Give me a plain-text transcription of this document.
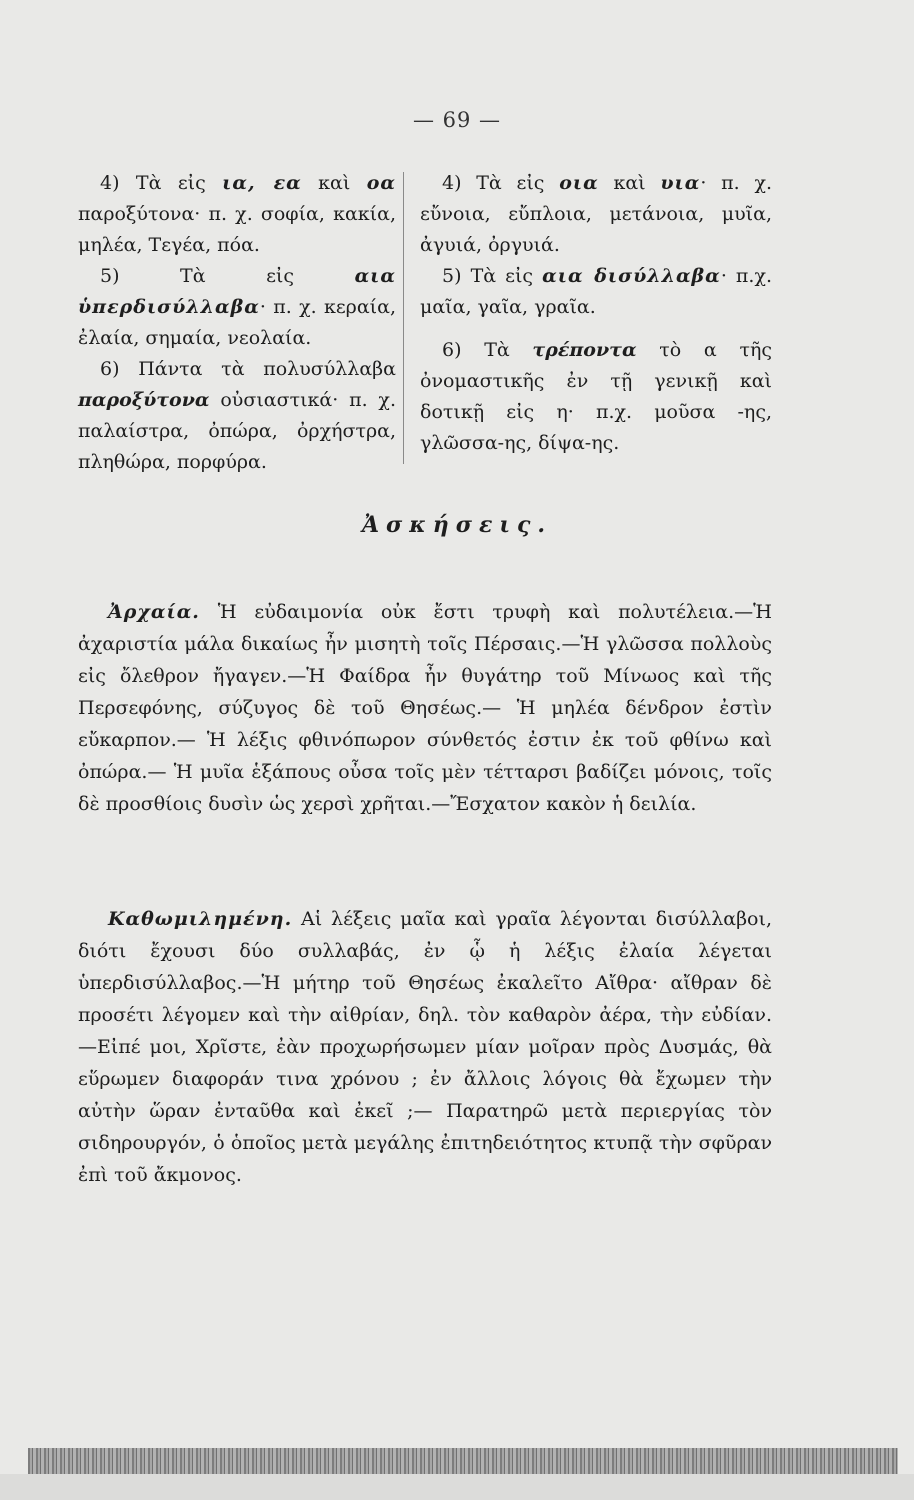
— 69 —

4) Τὰ εἰς ια, εα καὶ οα παροξύτονα· π. χ. σοφία, κακία, μηλέα, Τεγέα, πόα.

5) Τὰ εἰς αια ὑπερδισύλλαβα· π. χ. κεραία, ἐλαία, σημαία, νεολαία.

6) Πάντα τὰ πολυσύλλαβα παροξύτονα οὐσιαστικά· π. χ. παλαίστρα, ὀπώρα, ὀρχήστρα, πληθώρα, πορφύρα.

4) Τὰ εἰς οια καὶ υια· π. χ. εὔνοια, εὔπλοια, μετάνοια, μυῖα, ἀγυιά, ὀργυιά.

5) Τὰ εἰς αια δισύλλαβα· π.χ. μαῖα, γαῖα, γραῖα.

6) Τὰ τρέποντα τὸ α τῆς ὀνομαστικῆς ἐν τῇ γενικῇ καὶ δοτικῇ εἰς η· π.χ. μοῦσα -ης, γλῶσσα-ης, δίψα-ης.

Ἀσκήσεις.

Ἀρχαία. Ἡ εὐδαιμονία οὐκ ἔστι τρυφὴ καὶ πολυτέλεια.—Ἡ ἀχαριστία μάλα δικαίως ἦν μισητὴ τοῖς Πέρσαις.—Ἡ γλῶσσα πολλοὺς εἰς ὄλεθρον ἤγαγεν.—Ἡ Φαίδρα ἦν θυγάτηρ τοῦ Μίνωος καὶ τῆς Περσεφόνης, σύζυγος δὲ τοῦ Θησέως.— Ἡ μηλέα δένδρον ἐστὶν εὔκαρπον.— Ἡ λέξις φθινόπωρον σύνθετός ἐστιν ἐκ τοῦ φθίνω καὶ ὀπώρα.— Ἡ μυῖα ἑξάπους οὖσα τοῖς μὲν τέτταρσι βαδίζει μόνοις, τοῖς δὲ προσθίοις δυσὶν ὡς χερσὶ χρῆται.—Ἔσχατον κακὸν ἡ δειλία.

Καθωμιλημένη. Αἱ λέξεις μαῖα καὶ γραῖα λέγονται δισύλλαβοι, διότι ἔχουσι δύο συλλαβάς, ἐν ᾧ ἡ λέξις ἐλαία λέγεται ὑπερδισύλλαβος.—Ἡ μήτηρ τοῦ Θησέως ἐκαλεῖτο Αἴθρα· αἴθραν δὲ προσέτι λέγομεν καὶ τὴν αἰθρίαν, δηλ. τὸν καθαρὸν ἀέρα, τὴν εὐδίαν.—Εἰπέ μοι, Χρῖστε, ἐὰν προχωρήσωμεν μίαν μοῖραν πρὸς Δυσμάς, θὰ εὕρωμεν διαφοράν τινα χρόνου ; ἐν ἄλλοις λόγοις θὰ ἔχωμεν τὴν αὐτὴν ὥραν ἐνταῦθα καὶ ἐκεῖ ;— Παρατηρῶ μετὰ περιεργίας τὸν σιδηρουργόν, ὁ ὁποῖος μετὰ μεγάλης ἐπιτηδειότητος κτυπᾷ τὴν σφῦραν ἐπὶ τοῦ ἄκμονος.
